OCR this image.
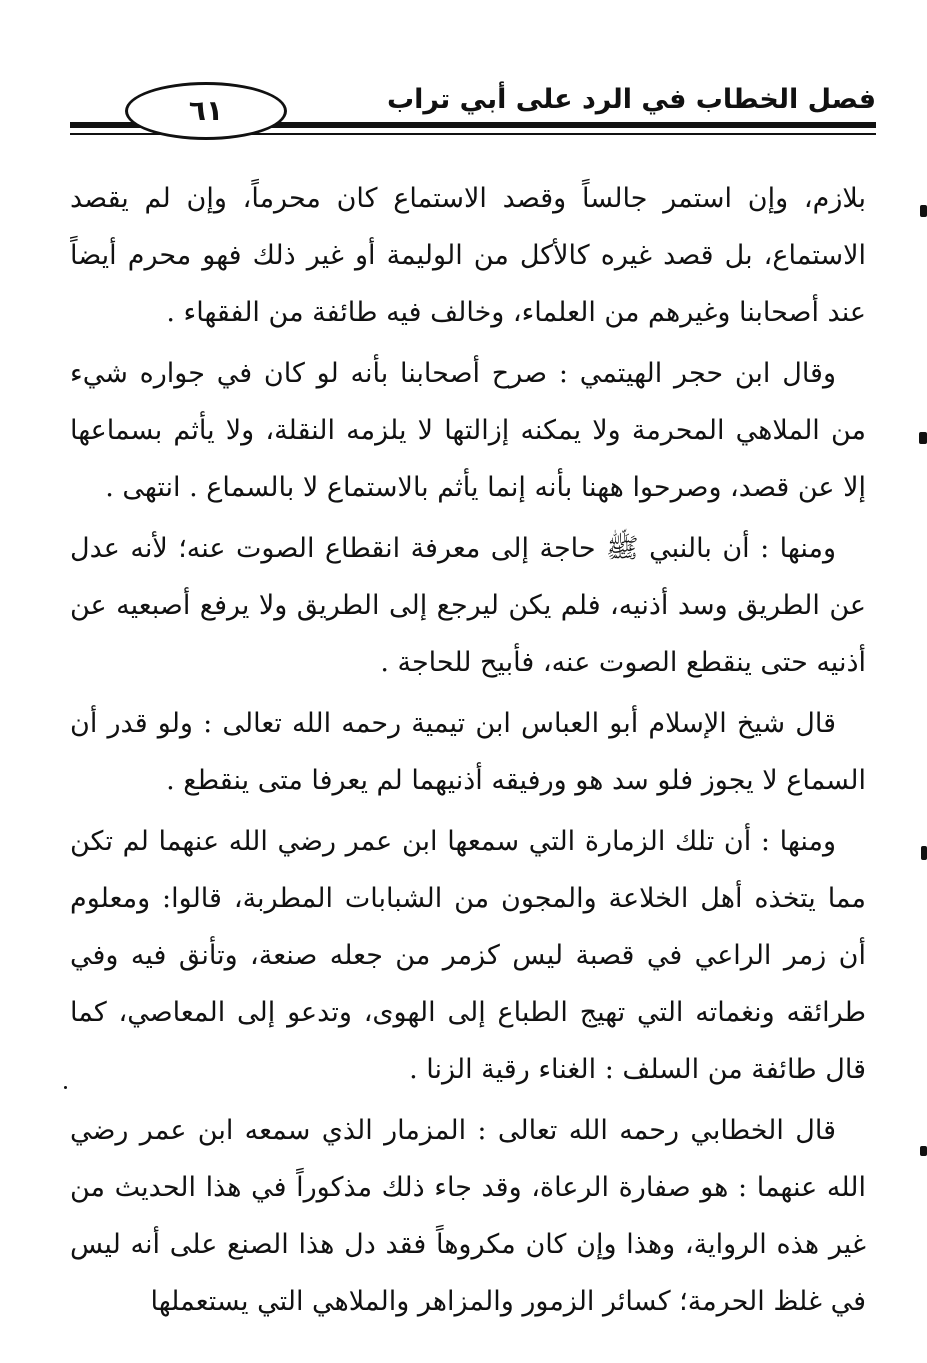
فصل الخطاب في الرد على أبي تراب
٦١

بلازم، وإن استمر جالساً وقصد الاستماع كان محرماً، وإن لم يقصد الاستماع، بل قصد غيره كالأكل من الوليمة أو غير ذلك فهو محرم أيضاً عند أصحابنا وغيرهم من العلماء، وخالف فيه طائفة من الفقهاء .

وقال ابن حجر الهيتمي : صرح أصحابنا بأنه لو كان في جواره شيء من الملاهي المحرمة ولا يمكنه إزالتها لا يلزمه النقلة، ولا يأثم بسماعها إلا عن قصد، وصرحوا ههنا بأنه إنما يأثم بالاستماع لا بالسماع . انتهى .

ومنها : أن بالنبي ﷺ حاجة إلى معرفة انقطاع الصوت عنه؛ لأنه عدل عن الطريق وسد أذنيه، فلم يكن ليرجع إلى الطريق ولا يرفع أصبعيه عن أذنيه حتى ينقطع الصوت عنه، فأبيح للحاجة .

قال شيخ الإسلام أبو العباس ابن تيمية رحمه الله تعالى : ولو قدر أن السماع لا يجوز فلو سد هو ورفيقه أذنيهما لم يعرفا متى ينقطع .

ومنها : أن تلك الزمارة التي سمعها ابن عمر رضي الله عنهما لم تكن مما يتخذه أهل الخلاعة والمجون من الشبابات المطربة، قالوا: ومعلوم أن زمر الراعي في قصبة ليس كزمر من جعله صنعة، وتأنق فيه وفي طرائقه ونغماته التي تهيج الطباع إلى الهوى، وتدعو إلى المعاصي، كما قال طائفة من السلف : الغناء رقية الزنا .

قال الخطابي رحمه الله تعالى : المزمار الذي سمعه ابن عمر رضي الله عنهما : هو صفارة الرعاة، وقد جاء ذلك مذكوراً في هذا الحديث من غير هذه الرواية، وهذا وإن كان مكروهاً فقد دل هذا الصنع على أنه ليس في غلظ الحرمة؛ كسائر الزمور والمزاهر والملاهي التي يستعملها
